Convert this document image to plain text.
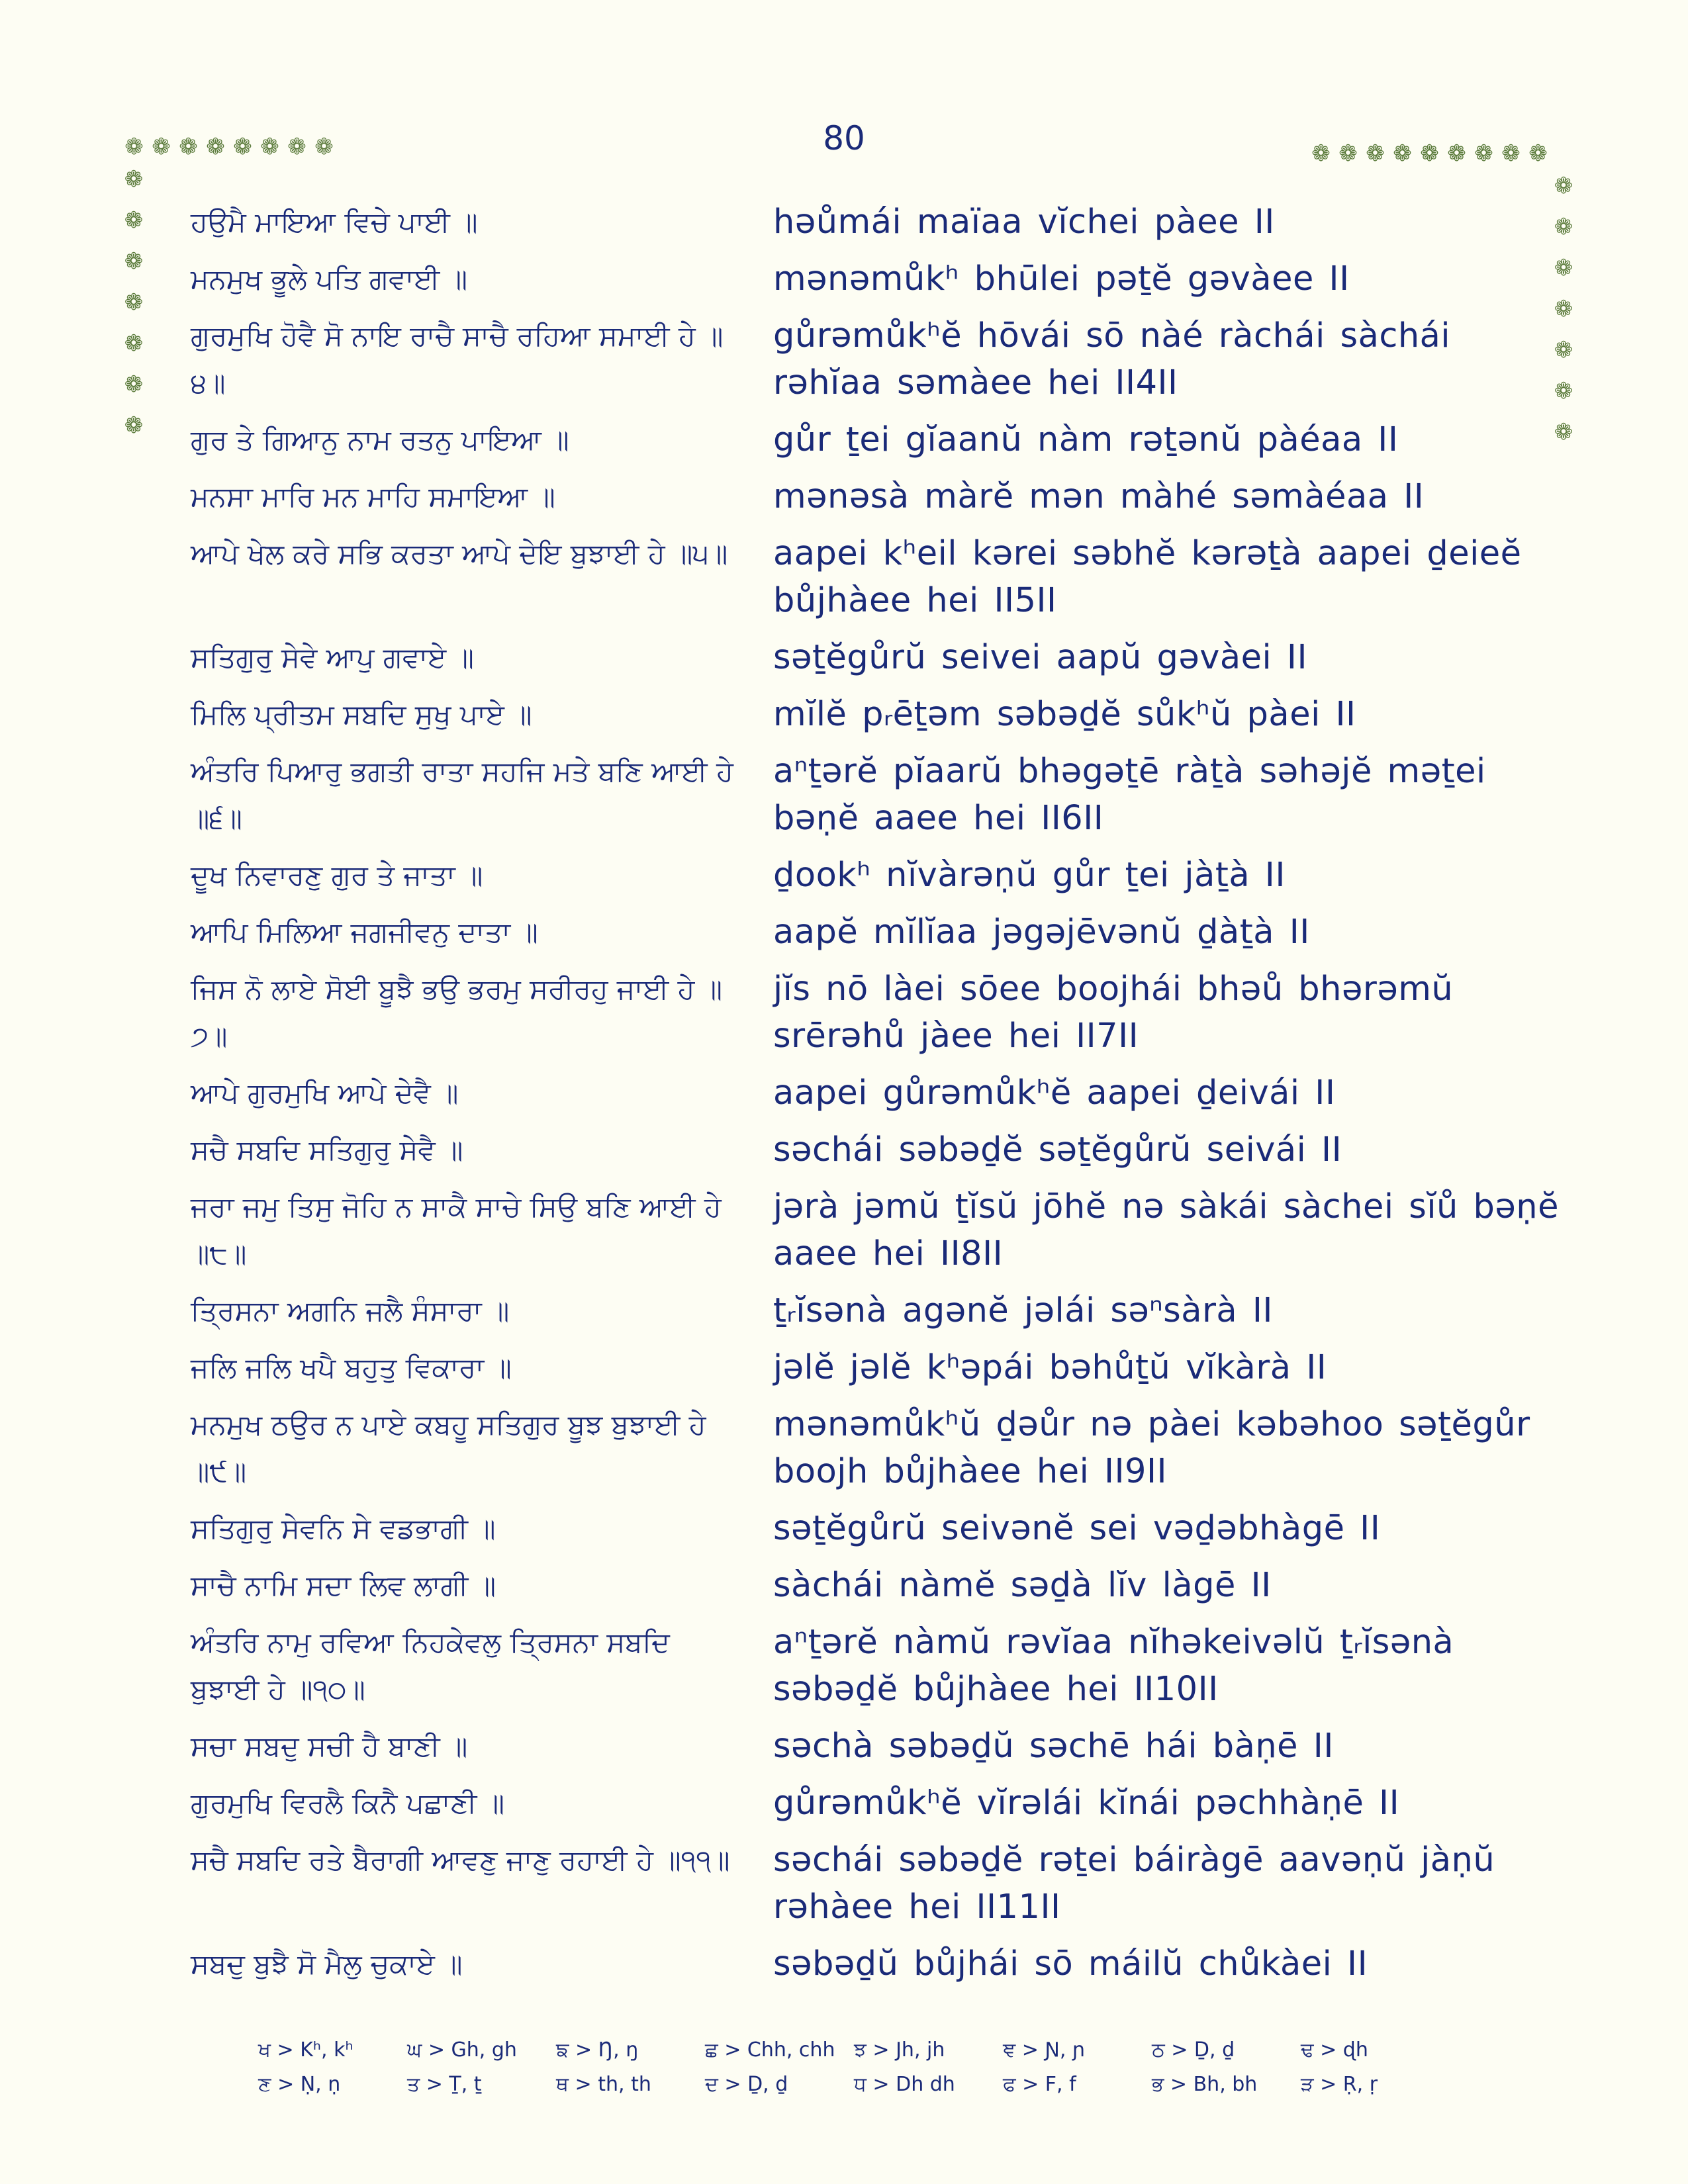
80
❁ ❁ ❁ ❁ ❁ ❁ ❁ ❁
❁
❁
❁
❁
❁
❁
❁
❁ ❁ ❁ ❁ ❁ ❁ ❁ ❁ ❁
❁
❁
❁
❁
❁
❁
❁
ਹਉਮੈ ਮਾਇਆ ਵਿਚੇ ਪਾਈ ॥	həůmái mаïaa vĭchei pàee II
ਮਨਮੁਖ ਭੂਲੇ ਪਤਿ ਗਵਾਈ ॥	mənəmůkʰ bhūlei pəṯĕ gəvàee II
ਗੁਰਮੁਖਿ ਹੋਵੈ ਸੋ ਨਾਇ ਰਾਚੈ ਸਾਚੈ ਰਹਿਆ ਸਮਾਈ ਹੇ ॥੪॥
gůrəmůkʰĕ hōvái sō nàé ràchái sàchái rəhĭaa səmàee hei II4II
ਗੁਰ ਤੇ ਗਿਆਨੁ ਨਾਮ ਰਤਨੁ ਪਾਇਆ ॥	gůr ṯei gĭaanŭ nàm rəṯənŭ pàéaa II
ਮਨਸਾ ਮਾਰਿ ਮਨ ਮਾਹਿ ਸਮਾਇਆ ॥	mənəsà màrĕ mən màhé səmàéaa II
ਆਪੇ ਖੇਲ ਕਰੇ ਸਭਿ ਕਰਤਾ ਆਪੇ ਦੇਇ ਬੁਝਾਈ ਹੇ ॥੫॥	aapei kʰeil kərei səbhĕ kərəṯà aapei ḏeieĕ bůjhàee hei II5II
ਸਤਿਗੁਰੁ ਸੇਵੇ ਆਪੁ ਗਵਾਏ ॥	səṯĕgůrŭ seivei aapŭ gəvàei II
ਮਿਲਿ ਪ੍ਰੀਤਮ ਸਬਦਿ ਸੁਖੁ ਪਾਏ ॥	mĭlĕ pᵣēṯəm səbəḏĕ sůkʰŭ pàei II
ਅੰਤਰਿ ਪਿਆਰੁ ਭਗਤੀ ਰਾਤਾ ਸਹਜਿ ਮਤੇ ਬਣਿ ਆਈ ਹੇ ॥੬॥
aⁿṯərĕ pĭaarŭ bhəgəṯē ràṯà səhəjĕ məṯei bəṇĕ aaee hei II6II
ਦੂਖ ਨਿਵਾਰਣੁ ਗੁਰ ਤੇ ਜਾਤਾ ॥	ḏookʰ nĭvàrəṇŭ gůr ṯei jàṯà II
ਆਪਿ ਮਿਲਿਆ ਜਗਜੀਵਨੁ ਦਾਤਾ ॥	aapĕ mĭlĭaa jəgəjēvənŭ ḏàṯà II
ਜਿਸ ਨੋ ਲਾਏ ਸੋਈ ਬੂਝੈ ਭਉ ਭਰਮੁ ਸਰੀਰਹੁ ਜਾਈ ਹੇ ॥੭॥
jĭs nō làei sōee boojhái bhəů bhərəmŭ srērəhů jàee hei II7II
ਆਪੇ ਗੁਰਮੁਖਿ ਆਪੇ ਦੇਵੈ ॥	aapei gůrəmůkʰĕ aapei ḏeivái II
ਸਚੈ ਸਬਦਿ ਸਤਿਗੁਰੁ ਸੇਵੈ ॥	səchái səbəḏĕ səṯĕgůrŭ seivái II
ਜਰਾ ਜਮੁ ਤਿਸੁ ਜੋਹਿ ਨ ਸਾਕੈ ਸਾਚੇ ਸਿਉ ਬਣਿ ਆਈ ਹੇ ॥੮॥
jərà jəmŭ ṯĭsŭ jōhĕ nə sàkái sàchei sĭů bəṇĕ aaee hei II8II
ਤ੍ਰਿਸਨਾ ਅਗਨਿ ਜਲੈ ਸੰਸਾਰਾ ॥	ṯᵣĭsənà agənĕ jəlái səⁿsàrà II
ਜਲਿ ਜਲਿ ਖਪੈ ਬਹੁਤੁ ਵਿਕਾਰਾ ॥	jəlĕ jəlĕ kʰəpái bəhůṯŭ vĭkàrà II
ਮਨਮੁਖ ਠਉਰ ਨ ਪਾਏ ਕਬਹੂ ਸਤਿਗੁਰ ਬੂਝ ਬੁਝਾਈ ਹੇ ॥੯॥
mənəmůkʰŭ ḏəůr nə pàei kəbəhoo səṯĕgůr boojh bůjhàee hei II9II
ਸਤਿਗੁਰੁ ਸੇਵਨਿ ਸੇ ਵਡਭਾਗੀ ॥	səṯĕgůrŭ seivənĕ sei vəḏəbhàgē II
ਸਾਚੈ ਨਾਮਿ ਸਦਾ ਲਿਵ ਲਾਗੀ ॥	sàchái nàmĕ səḏà lĭv làgē II
ਅੰਤਰਿ ਨਾਮੁ ਰਵਿਆ ਨਿਹਕੇਵਲੁ ਤ੍ਰਿਸਨਾ ਸਬਦਿ ਬੁਝਾਈ ਹੇ ॥੧੦॥
aⁿṯərĕ nàmŭ rəvĭaa nĭhəkeivəlŭ ṯᵣĭsənà səbəḏĕ bůjhàee hei II10II
ਸਚਾ ਸਬਦੁ ਸਚੀ ਹੈ ਬਾਣੀ ॥	səchà səbəḏŭ səchē hái bàṇē II
ਗੁਰਮੁਖਿ ਵਿਰਲੈ ਕਿਨੈ ਪਛਾਣੀ ॥	gůrəmůkʰĕ vĭrəlái kĭnái pəchhàṇē II
ਸਚੈ ਸਬਦਿ ਰਤੇ ਬੈਰਾਗੀ ਆਵਣੁ ਜਾਣੁ ਰਹਾਈ ਹੇ ॥੧੧॥	səchái səbəḏĕ rəṯei báiràgē aavəṇŭ jàṇŭ rəhàee hei II11II
ਸਬਦੁ ਬੁਝੈ ਸੋ ਮੈਲੁ ਚੁਕਾਏ ॥	səbəḏŭ bůjhái sō máilŭ chůkàei II
ਖ > Kʰ, kʰ	ਘ > Gh, gh	ਙ > Ŋ, ŋ	ਛ > Chh, chh ਝ > Jh, jh	ਞ > Ɲ, ɲ	ਠ > Ḏ, ḏ	ਢ > ɖh
ਣ > Ṇ, ṇ	ਤ > Ṯ, ṯ	ਥ > th, th	ਦ > Ḏ, ḏ	ਧ > Dh dh	ਫ > F, f	ਭ > Bh, bh	ੜ > Ṛ, ṛ
